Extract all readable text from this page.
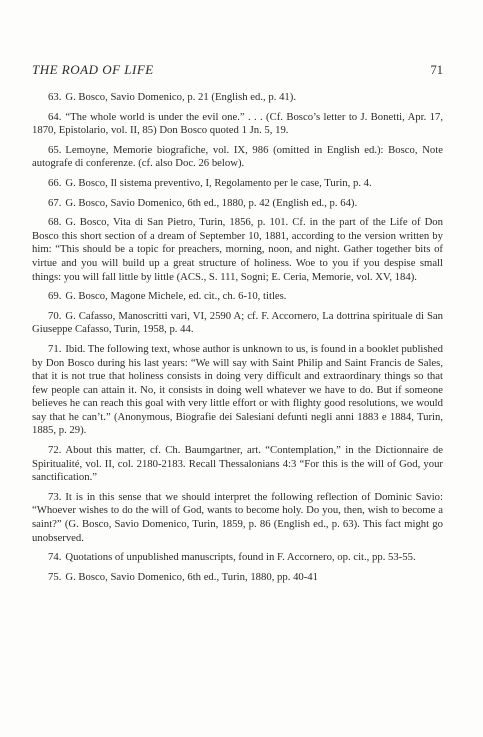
THE ROAD OF LIFE	71

63. G. Bosco, Savio Domenico, p. 21 (English ed., p. 41).

64. “The whole world is under the evil one.” . . . (Cf. Bosco’s letter to J. Bonetti, Apr. 17, 1870, Epistolario, vol. II, 85) Don Bosco quoted 1 Jn. 5, 19.

65. Lemoyne, Memorie biografiche, vol. IX, 986 (omitted in English ed.): Bosco, Note autografe di conferenze. (cf. also Doc. 26 below).

66. G. Bosco, Il sistema preventivo, I, Regolamento per le case, Turin, p. 4.

67. G. Bosco, Savio Domenico, 6th ed., 1880, p. 42 (English ed., p. 64).

68. G. Bosco, Vita di San Pietro, Turin, 1856, p. 101. Cf. in the part of the Life of Don Bosco this short section of a dream of September 10, 1881, according to the version written by him: “This should be a topic for preachers, morning, noon, and night. Gather together bits of virtue and you will build up a great structure of holiness. Woe to you if you despise small things: you will fall little by little (ACS., S. 111, Sogni; E. Ceria, Memorie, vol. XV, 184).

69. G. Bosco, Magone Michele, ed. cit., ch. 6-10, titles.

70. G. Cafasso, Manoscritti vari, VI, 2590 A; cf. F. Accornero, La dottrina spirituale di San Giuseppe Cafasso, Turin, 1958, p. 44.

71. Ibid. The following text, whose author is unknown to us, is found in a booklet published by Don Bosco during his last years: “We will say with Saint Philip and Saint Francis de Sales, that it is not true that holiness consists in doing very difficult and extraordinary things so that few people can attain it. No, it consists in doing well whatever we have to do. But if someone believes he can reach this goal with very little effort or with flighty good resolutions, we would say that he can’t.” (Anonymous, Biografie dei Salesiani defunti negli anni 1883 e 1884, Turin, 1885, p. 29).

72. About this matter, cf. Ch. Baumgartner, art. “Contemplation,” in the Dictionnaire de Spiritualité, vol. II, col. 2180-2183. Recall Thessalonians 4:3 “For this is the will of God, your sanctification.”

73. It is in this sense that we should interpret the following reflection of Dominic Savio: “Whoever wishes to do the will of God, wants to become holy. Do you, then, wish to become a saint?” (G. Bosco, Savio Domenico, Turin, 1859, p. 86 (English ed., p. 63). This fact might go unobserved.

74. Quotations of unpublished manuscripts, found in F. Accornero, op. cit., pp. 53-55.

75. G. Bosco, Savio Domenico, 6th ed., Turin, 1880, pp. 40-41
